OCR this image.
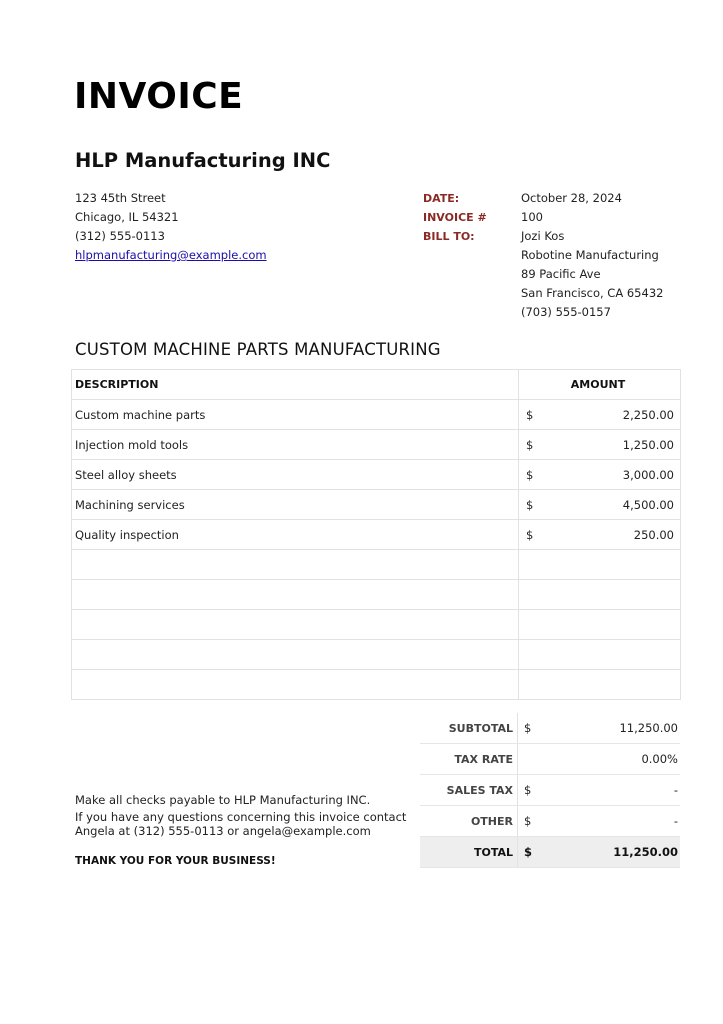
INVOICE
HLP Manufacturing INC
123 45th Street
Chicago, IL 54321
(312) 555-0113
hlpmanufacturing@example.com
DATE:	October 28, 2024
INVOICE #	100
BILL TO:	Jozi Kos
Robotine Manufacturing
89 Pacific Ave
San Francisco, CA 65432
(703) 555-0157
CUSTOM MACHINE PARTS MANUFACTURING
DESCRIPTION	AMOUNT
Custom machine parts	$ 2,250.00

Injection mold tools	$ 1,250.00

Steel alloy sheets	$ 3,000.00

Machining services	$ 4,500.00

Quality inspection	$ 250.00

SUBTOTAL $	11,250.00
TAX RATE	0.00%
SALES TAX $	-
OTHER $	-
TOTAL $	11,250.00
Make all checks payable to HLP Manufacturing INC.
If you have any questions concerning this invoice contact
Angela at (312) 555-0113 or angela@example.com
THANK YOU FOR YOUR BUSINESS!
